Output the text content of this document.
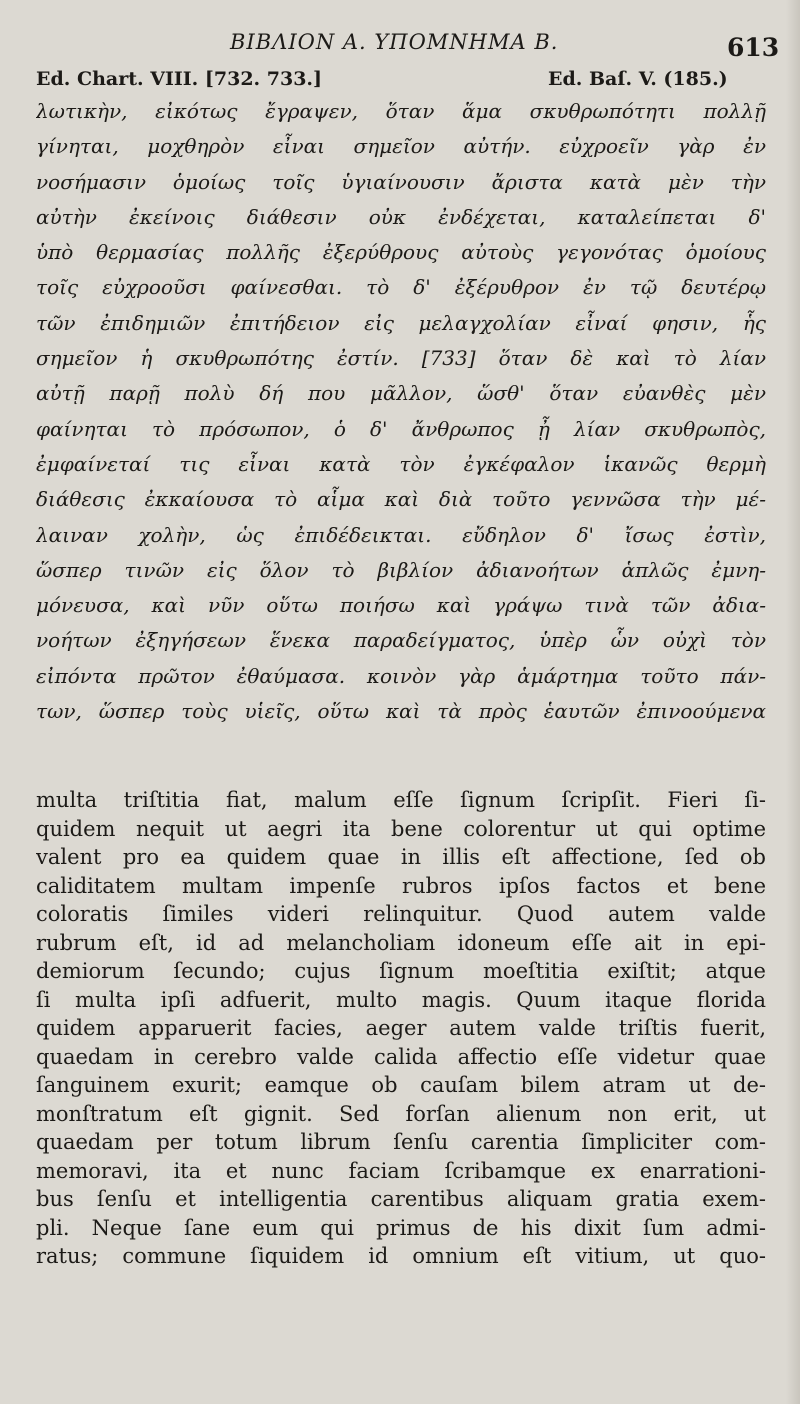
ΒΙΒΛΙΟΝ Α. ΥΠΟΜΝΗΜΑ Β.	613
Ed. Chart. VIII. [732. 733.]	Ed. Baſ. V. (185.)
λωτικὴν, εἰκότως ἔγραψεν, ὅταν ἅμα σκυθρωπότητι πολλῇ
γίνηται, μοχθηρὸν εἶναι σημεῖον αὐτήν. εὐχροεῖν γὰρ ἐν
νοσήμασιν ὁμοίως τοῖς ὑγιαίνουσιν ἄριστα κατὰ μὲν τὴν
αὐτὴν ἐκείνοις διάθεσιν οὐκ ἐνδέχεται, καταλείπεται δ'
ὑπὸ θερμασίας πολλῆς ἐξερύθρους αὐτοὺς γεγονότας ὁμοίους
τοῖς εὐχροοῦσι φαίνεσθαι. τὸ δ' ἐξέρυθρον ἐν τῷ δευτέρῳ
τῶν ἐπιδημιῶν ἐπιτήδειον εἰς μελαγχολίαν εἶναί φησιν, ἧς
σημεῖον ἡ σκυθρωπότης ἐστίν. [733] ὅταν δὲ καὶ τὸ λίαν
αὐτῇ παρῇ πολὺ δή που μᾶλλον, ὥσθ' ὅταν εὐανθὲς μὲν
φαίνηται τὸ πρόσωπον, ὁ δ' ἄνθρωπος ᾖ λίαν σκυθρωπὸς,
ἐμφαίνεταί τις εἶναι κατὰ τὸν ἐγκέφαλον ἱκανῶς θερμὴ
διάθεσις ἐκκαίουσα τὸ αἷμα καὶ διὰ τοῦτο γεννῶσα τὴν μέ-
λαιναν χολὴν, ὡς ἐπιδέδεικται. εὔδηλον δ' ἴσως ἐστὶν,
ὥσπερ τινῶν εἰς ὅλον τὸ βιβλίον ἀδιανοήτων ἁπλῶς ἐμνη-
μόνευσα, καὶ νῦν οὕτω ποιήσω καὶ γράψω τινὰ τῶν ἀδια-
νοήτων ἐξηγήσεων ἕνεκα παραδείγματος, ὑπὲρ ὧν οὐχὶ τὸν
εἰπόντα πρῶτον ἐθαύμασα. κοινὸν γὰρ ἁμάρτημα τοῦτο πάν-
των, ὥσπερ τοὺς υἱεῖς, οὕτω καὶ τὰ πρὸς ἑαυτῶν ἐπινοούμενα
multa triſtitia fiat, malum eſſe ſignum ſcripſit. Fieri ſi-
quidem nequit ut aegri ita bene colorentur ut qui optime
valent pro ea quidem quae in illis eſt affectione, ſed ob
caliditatem multam impenſe rubros ipſos factos et bene
coloratis ſimiles videri relinquitur. Quod autem valde
rubrum eſt, id ad melancholiam idoneum eſſe ait in epi-
demiorum ſecundo; cujus ſignum moeſtitia exiſtit; atque
ſi multa ipſi adfuerit, multo magis. Quum itaque florida
quidem apparuerit facies, aeger autem valde triſtis fuerit,
quaedam in cerebro valde calida affectio eſſe videtur quae
ſanguinem exurit; eamque ob cauſam bilem atram ut de-
monſtratum eſt gignit. Sed forſan alienum non erit, ut
quaedam per totum librum ſenſu carentia ſimpliciter com-
memoravi, ita et nunc faciam ſcribamque ex enarrationi-
bus ſenſu et intelligentia carentibus aliquam gratia exem-
pli. Neque ſane eum qui primus de his dixit ſum admi-
ratus; commune ſiquidem id omnium eſt vitium, ut quo-
